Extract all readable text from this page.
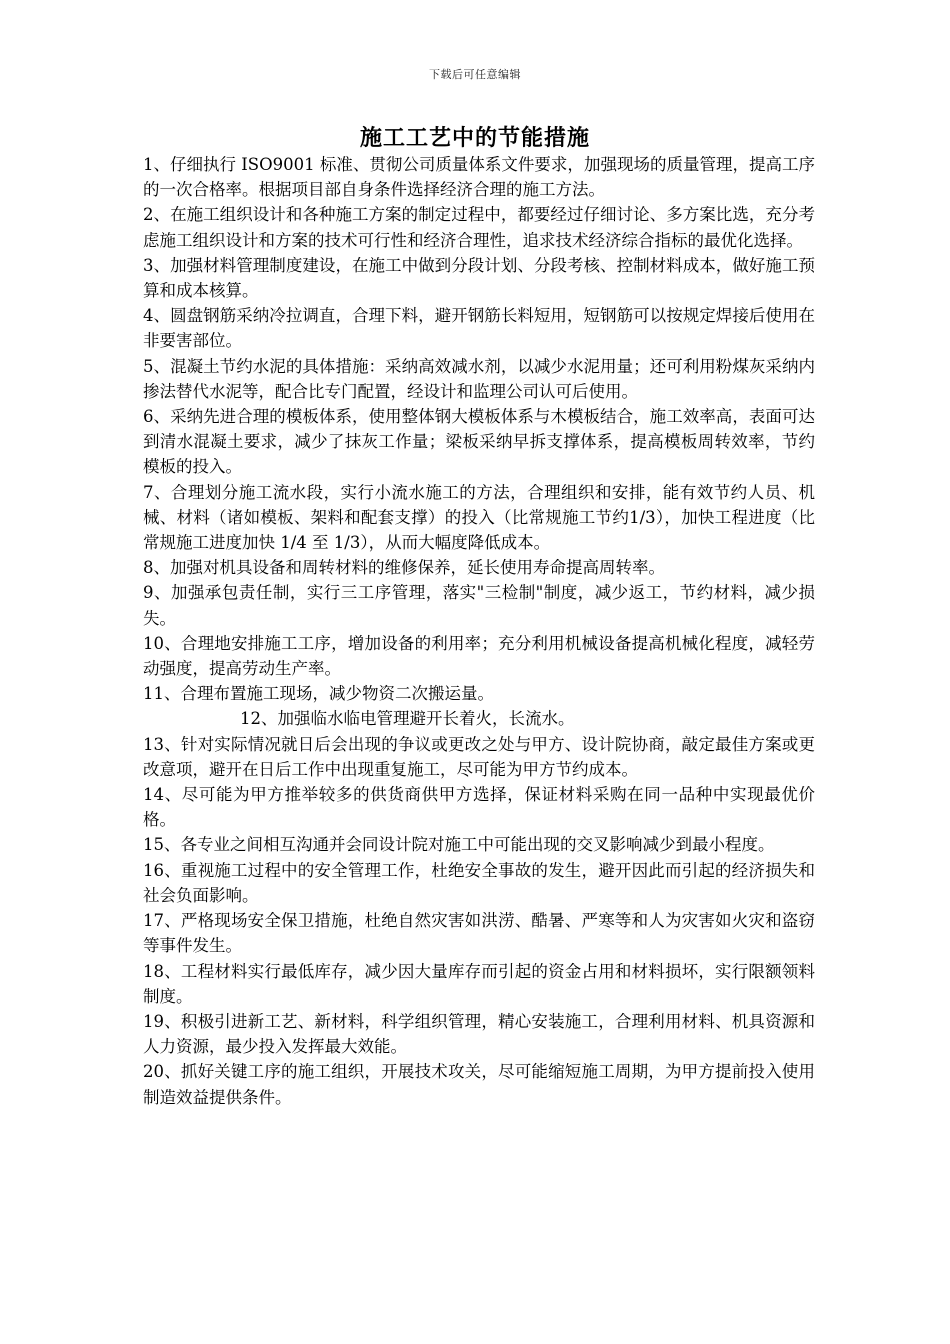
下载后可任意编辑
施工工艺中的节能措施

1、仔细执行 ISO9001 标准、贯彻公司质量体系文件要求，加强现场的质量管理，提高工序的一次合格率。根据项目部自身条件选择经济合理的施工方法。

2、在施工组织设计和各种施工方案的制定过程中，都要经过仔细讨论、多方案比选，充分考虑施工组织设计和方案的技术可行性和经济合理性，追求技术经济综合指标的最优化选择。

3、加强材料管理制度建设，在施工中做到分段计划、分段考核、控制材料成本，做好施工预算和成本核算。

4、圆盘钢筋采纳冷拉调直，合理下料，避开钢筋长料短用，短钢筋可以按规定焊接后使用在非要害部位。

5、混凝土节约水泥的具体措施：采纳高效减水剂，以减少水泥用量；还可利用粉煤灰采纳内掺法替代水泥等，配合比专门配置，经设计和监理公司认可后使用。

6、采纳先进合理的模板体系，使用整体钢大模板体系与木模板结合，施工效率高，表面可达到清水混凝土要求，减少了抹灰工作量；梁板采纳早拆支撑体系，提高模板周转效率，节约模板的投入。

7、合理划分施工流水段，实行小流水施工的方法，合理组织和安排，能有效节约人员、机械、材料（诸如模板、架料和配套支撑）的投入（比常规施工节约1/3），加快工程进度（比常规施工进度加快 1/4 至 1/3），从而大幅度降低成本。

8、加强对机具设备和周转材料的维修保养，延长使用寿命提高周转率。

9、加强承包责任制，实行三工序管理，落实"三检制"制度，减少返工，节约材料，减少损失。

10、合理地安排施工工序，增加设备的利用率；充分利用机械设备提高机械化程度，减轻劳动强度，提高劳动生产率。

11、合理布置施工现场，减少物资二次搬运量。

12、加强临水临电管理避开长着火，长流水。

13、针对实际情况就日后会出现的争议或更改之处与甲方、设计院协商，敲定最佳方案或更改意项，避开在日后工作中出现重复施工，尽可能为甲方节约成本。

14、尽可能为甲方推举较多的供货商供甲方选择，保证材料采购在同一品种中实现最优价格。

15、各专业之间相互沟通并会同设计院对施工中可能出现的交叉影响减少到最小程度。

16、重视施工过程中的安全管理工作，杜绝安全事故的发生，避开因此而引起的经济损失和社会负面影响。

17、严格现场安全保卫措施，杜绝自然灾害如洪涝、酷暑、严寒等和人为灾害如火灾和盗窃等事件发生。

18、工程材料实行最低库存，减少因大量库存而引起的资金占用和材料损坏，实行限额领料制度。

19、积极引进新工艺、新材料，科学组织管理，精心安装施工，合理利用材料、机具资源和人力资源，最少投入发挥最大效能。

20、抓好关键工序的施工组织，开展技术攻关，尽可能缩短施工周期，为甲方提前投入使用制造效益提供条件。
